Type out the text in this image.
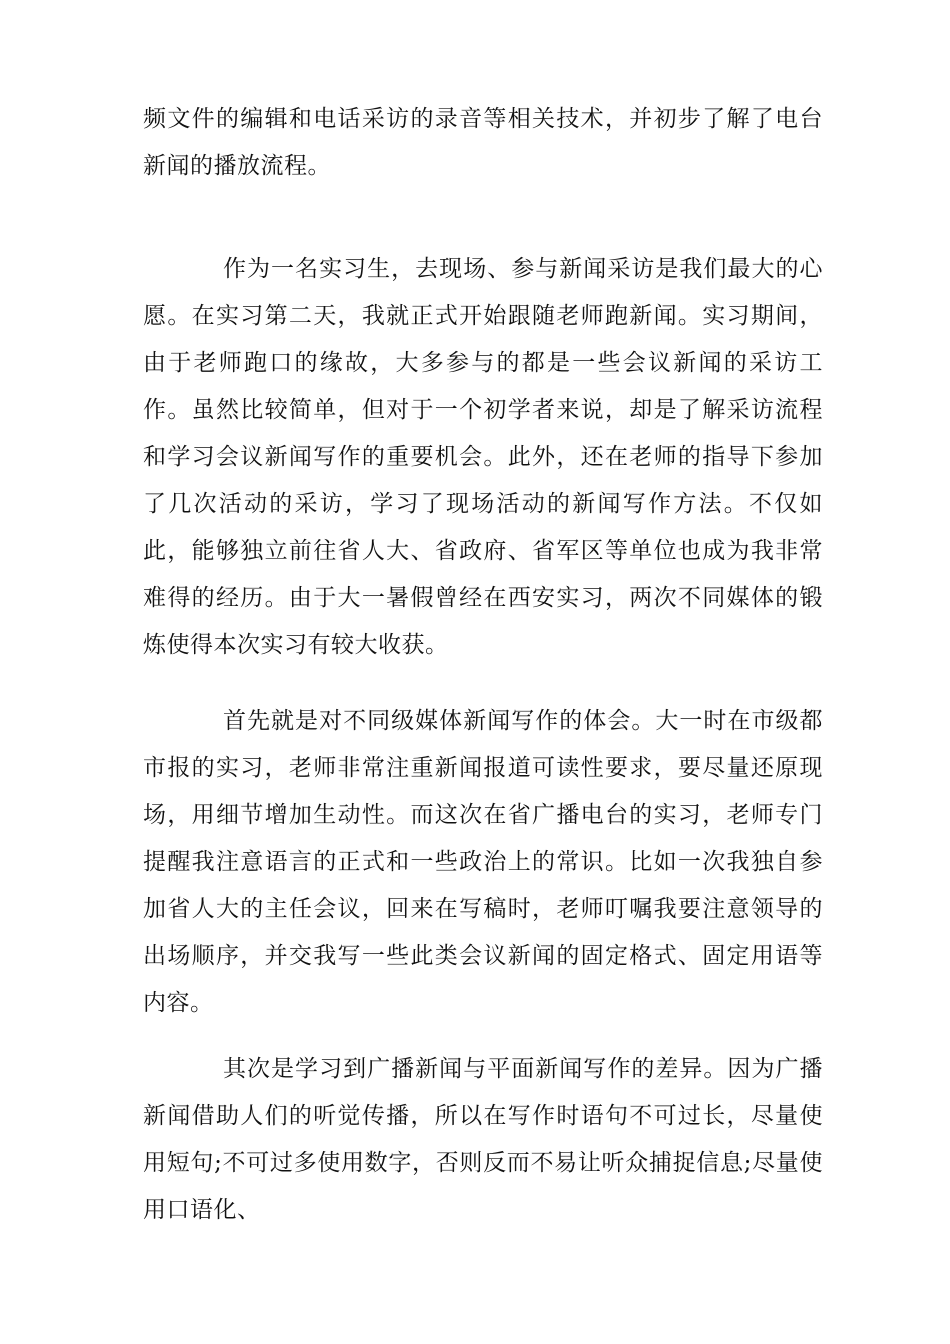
频文件的编辑和电话采访的录音等相关技术，并初步了解了电台新闻的播放流程。

作为一名实习生，去现场、参与新闻采访是我们最大的心愿。在实习第二天，我就正式开始跟随老师跑新闻。实习期间，由于老师跑口的缘故，大多参与的都是一些会议新闻的采访工作。虽然比较简单，但对于一个初学者来说，却是了解采访流程和学习会议新闻写作的重要机会。此外，还在老师的指导下参加了几次活动的采访，学习了现场活动的新闻写作方法。不仅如此，能够独立前往省人大、省政府、省军区等单位也成为我非常难得的经历。由于大一暑假曾经在西安实习，两次不同媒体的锻炼使得本次实习有较大收获。

首先就是对不同级媒体新闻写作的体会。大一时在市级都市报的实习，老师非常注重新闻报道可读性要求，要尽量还原现场，用细节增加生动性。而这次在省广播电台的实习，老师专门提醒我注意语言的正式和一些政治上的常识。比如一次我独自参加省人大的主任会议，回来在写稿时，老师叮嘱我要注意领导的出场顺序，并交我写一些此类会议新闻的固定格式、固定用语等内容。

其次是学习到广播新闻与平面新闻写作的差异。因为广播新闻借助人们的听觉传播，所以在写作时语句不可过长，尽量使用短句;不可过多使用数字，否则反而不易让听众捕捉信息;尽量使用口语化、
